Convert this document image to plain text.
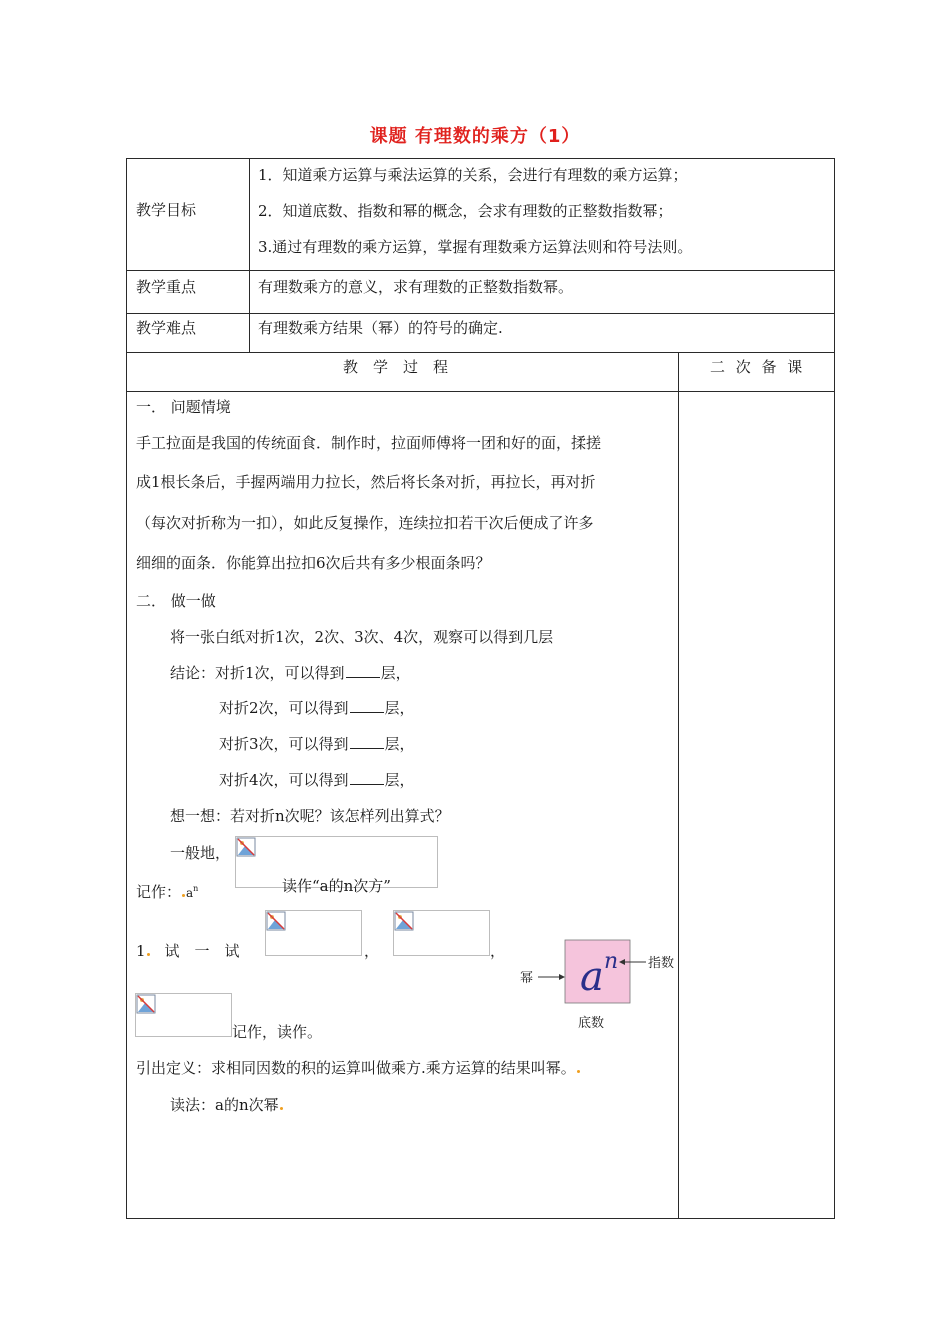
课题 有理数的乘方（1）
教学目标
1．知道乘方运算与乘法运算的关系，会进行有理数的乘方运算；
2．知道底数、指数和幂的概念，会求有理数的正整数指数幂；
3.通过有理数的乘方运算，掌握有理数乘方运算法则和符号法则。
教学重点	有理数乘方的意义，求有理数的正整数指数幂。
教学难点	有理数乘方结果（幂）的符号的确定.
教　学　过　程	二 次 备 课
一． 问题情境
手工拉面是我国的传统面食．制作时，拉面师傅将一团和好的面，揉搓
成1根长条后，手握两端用力拉长，然后将长条对折，再拉长，再对折
（每次对折称为一扣），如此反复操作，连续拉扣若干次后便成了许多
细细的面条．你能算出拉扣6次后共有多少根面条吗？
二． 做一做
将一张白纸对折1次，2次、3次、4次，观察可以得到几层
结论：对折1次，可以得到 层，
对折2次，可以得到 层，
对折3次，可以得到 层，
对折4次，可以得到 层，
想一想：若对折n次呢？该怎样列出算式？
一般地，
记作： $a^n$	读作“a的n次方”
1 试　一　试	，	，
记作，读作。
a n
幂
指数
底数
引出定义：求相同因数的积的运算叫做乘方.乘方运算的结果叫幂。
读法：a的n次幂
